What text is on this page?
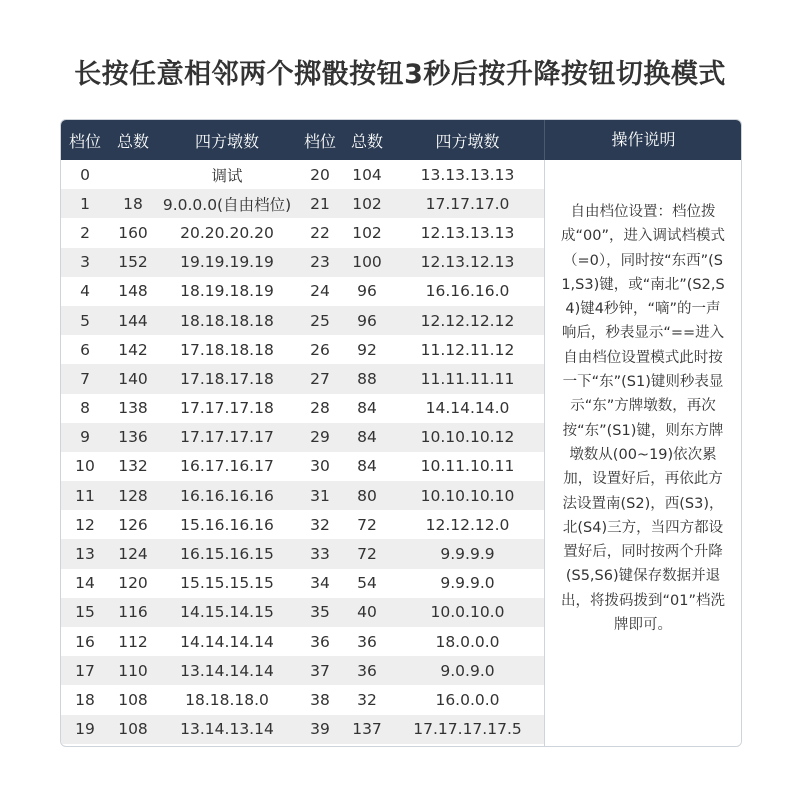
长按任意相邻两个掷骰按钮3秒后按升降按钮切换模式
档位	总数	四方墩数	档位	总数	四方墩数
0		调试	20	104	13.13.13.13
1	18	9.0.0.0(自由档位)	21	102	17.17.17.0
2	160	20.20.20.20	22	102	12.13.13.13
3	152	19.19.19.19	23	100	12.13.12.13
4	148	18.19.18.19	24	96	16.16.16.0
5	144	18.18.18.18	25	96	12.12.12.12
6	142	17.18.18.18	26	92	11.12.11.12
7	140	17.18.17.18	27	88	11.11.11.11
8	138	17.17.17.18	28	84	14.14.14.0
9	136	17.17.17.17	29	84	10.10.10.12
10	132	16.17.16.17	30	84	10.11.10.11
11	128	16.16.16.16	31	80	10.10.10.10
12	126	15.16.16.16	32	72	12.12.12.0
13	124	16.15.16.15	33	72	9.9.9.9
14	120	15.15.15.15	34	54	9.9.9.0
15	116	14.15.14.15	35	40	10.0.10.0
16	112	14.14.14.14	36	36	18.0.0.0
17	110	13.14.14.14	37	36	9.0.9.0
18	108	18.18.18.0	38	32	16.0.0.0
19	108	13.14.13.14	39	137	17.17.17.17.5
操作说明
自由档位设置：档位拨成“00”，进入调试档模式（=0），同时按“东西”(S1,S3)键，或“南北”(S2,S4)键4秒钟，“嘀”的一声响后，秒表显示“==进入自由档位设置模式此时按一下“东”(S1)键则秒表显示“东”方牌墩数，再次按“东”(S1)键，则东方牌墩数从(00~19)依次累加，设置好后，再依此方法设置南(S2)，西(S3)，北(S4)三方，当四方都设置好后，同时按两个升降(S5,S6)键保存数据并退出，将拨码拨到“01”档洗牌即可。
